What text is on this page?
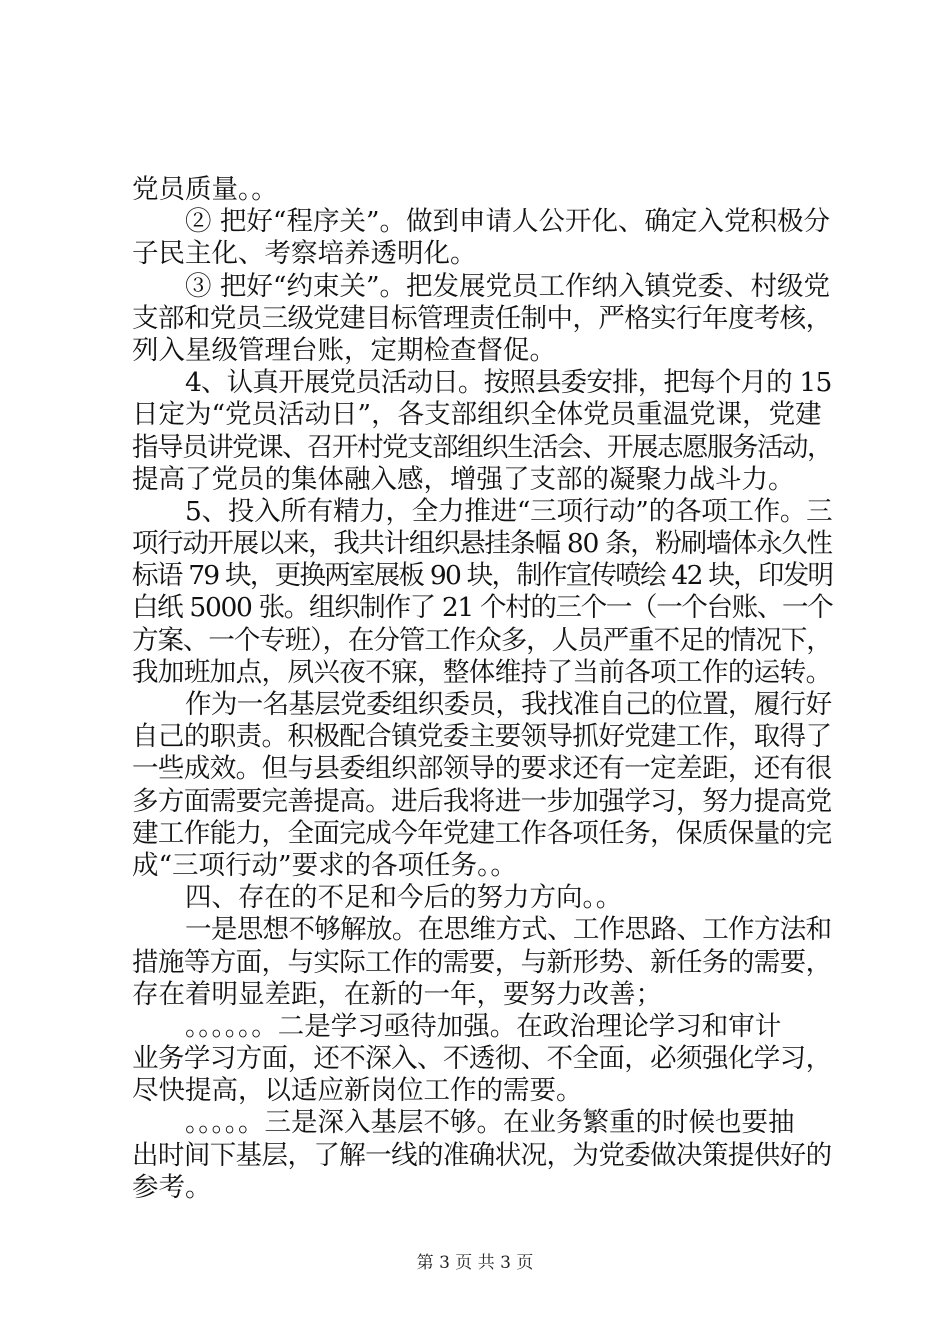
党员质量。。
② 把好“程序关”。做到申请人公开化、确定入党积极分
子民主化、考察培养透明化。
③ 把好“约束关”。把发展党员工作纳入镇党委、村级党
支部和党员三级党建目标管理责任制中，严格实行年度考核，
列入星级管理台账，定期检查督促。
4、认真开展党员活动日。按照县委安排，把每个月的 15
日定为“党员活动日”，各支部组织全体党员重温党课，党建
指导员讲党课、召开村党支部组织生活会、开展志愿服务活动，
提高了党员的集体融入感，增强了支部的凝聚力战斗力。
5、投入所有精力，全力推进“三项行动”的各项工作。三
项行动开展以来，我共计组织悬挂条幅 80 条，粉刷墙体永久性
标语 79 块，更换两室展板 90 块，制作宣传喷绘 42 块，印发明
白纸 5000 张。组织制作了 21 个村的三个一（一个台账、一个
方案、一个专班），在分管工作众多，人员严重不足的情况下，
我加班加点，夙兴夜不寐，整体维持了当前各项工作的运转。
作为一名基层党委组织委员，我找准自己的位置，履行好
自己的职责。积极配合镇党委主要领导抓好党建工作，取得了
一些成效。但与县委组织部领导的要求还有一定差距，还有很
多方面需要完善提高。进后我将进一步加强学习，努力提高党
建工作能力，全面完成今年党建工作各项任务，保质保量的完
成“三项行动”要求的各项任务。。
四、存在的不足和今后的努力方向。。
一是思想不够解放。在思维方式、工作思路、工作方法和
措施等方面，与实际工作的需要，与新形势、新任务的需要，
存在着明显差距，在新的一年，要努力改善；
。。。。。。二是学习亟待加强。在政治理论学习和审计
业务学习方面，还不深入、不透彻、不全面，必须强化学习，
尽快提高，以适应新岗位工作的需要。
。。。。。三是深入基层不够。在业务繁重的时候也要抽
出时间下基层，了解一线的准确状况，为党委做决策提供好的
参考。
第 3 页 共 3 页
